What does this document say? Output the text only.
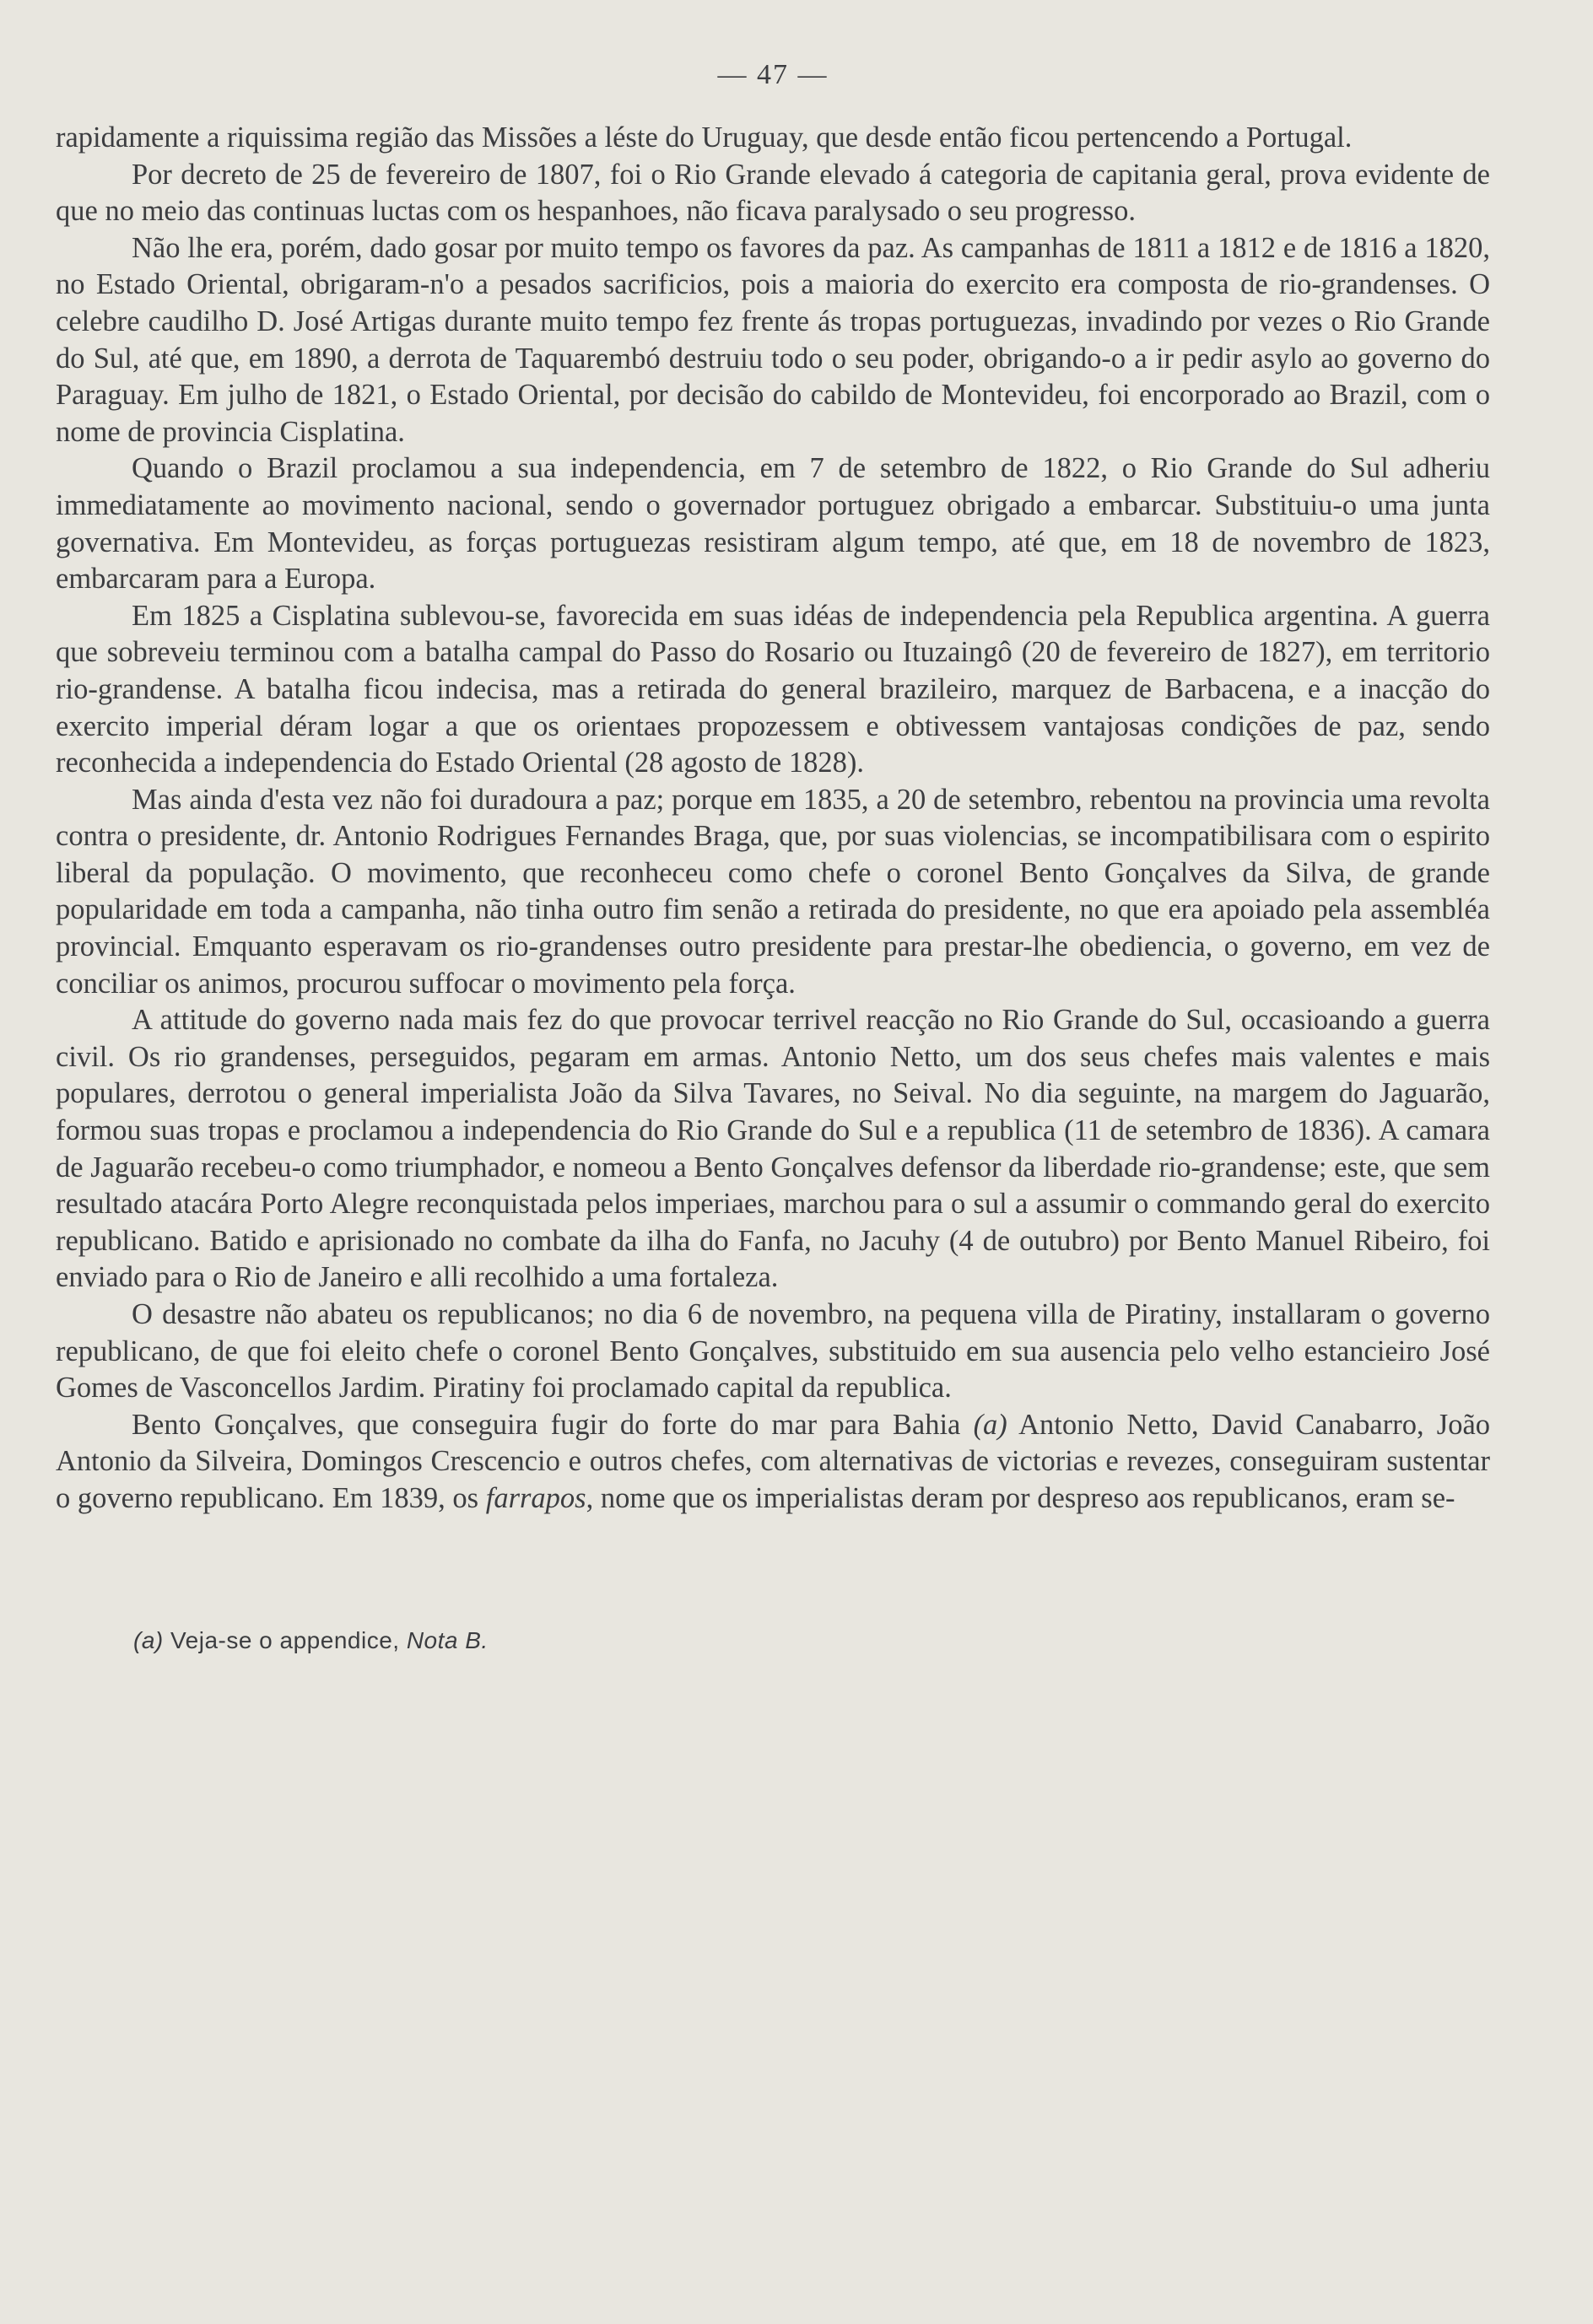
— 47 —

rapidamente a riquissima região das Missões a léste do Uruguay, que desde então ficou pertencendo a Portugal.

Por decreto de 25 de fevereiro de 1807, foi o Rio Grande elevado á categoria de capitania geral, prova evidente de que no meio das continuas luctas com os hespanhoes, não ficava paralysado o seu progresso.

Não lhe era, porém, dado gosar por muito tempo os favores da paz. As campanhas de 1811 a 1812 e de 1816 a 1820, no Estado Oriental, obrigaram-n'o a pesados sacrificios, pois a maioria do exercito era composta de rio-grandenses. O celebre caudilho D. José Artigas durante muito tempo fez frente ás tropas portuguezas, invadindo por vezes o Rio Grande do Sul, até que, em 1890, a derrota de Taquarembó destruiu todo o seu poder, obrigando-o a ir pedir asylo ao governo do Paraguay. Em julho de 1821, o Estado Oriental, por decisão do cabildo de Montevideu, foi encorporado ao Brazil, com o nome de provincia Cisplatina.

Quando o Brazil proclamou a sua independencia, em 7 de setembro de 1822, o Rio Grande do Sul adheriu immediatamente ao movimento nacional, sendo o governador portuguez obrigado a embarcar. Substituiu-o uma junta governativa. Em Montevideu, as forças portuguezas resistiram algum tempo, até que, em 18 de novembro de 1823, embarcaram para a Europa.

Em 1825 a Cisplatina sublevou-se, favorecida em suas idéas de independencia pela Republica argentina. A guerra que sobreveiu terminou com a batalha campal do Passo do Rosario ou Ituzaingô (20 de fevereiro de 1827), em territorio rio-grandense. A batalha ficou indecisa, mas a retirada do general brazileiro, marquez de Barbacena, e a inacção do exercito imperial déram logar a que os orientaes propozessem e obtivessem vantajosas condições de paz, sendo reconhecida a independencia do Estado Oriental (28 agosto de 1828).

Mas ainda d'esta vez não foi duradoura a paz; porque em 1835, a 20 de setembro, rebentou na provincia uma revolta contra o presidente, dr. Antonio Rodrigues Fernandes Braga, que, por suas violencias, se incompatibilisara com o espirito liberal da população. O movimento, que reconheceu como chefe o coronel Bento Gonçalves da Silva, de grande popularidade em toda a campanha, não tinha outro fim senão a retirada do presidente, no que era apoiado pela assembléa provincial. Emquanto esperavam os rio-grandenses outro presidente para prestar-lhe obediencia, o governo, em vez de conciliar os animos, procurou suffocar o movimento pela força.

A attitude do governo nada mais fez do que provocar terrivel reacção no Rio Grande do Sul, occasioando a guerra civil. Os rio grandenses, perseguidos, pegaram em armas. Antonio Netto, um dos seus chefes mais valentes e mais populares, derrotou o general imperialista João da Silva Tavares, no Seival. No dia seguinte, na margem do Jaguarão, formou suas tropas e proclamou a independencia do Rio Grande do Sul e a republica (11 de setembro de 1836). A camara de Jaguarão recebeu-o como triumphador, e nomeou a Bento Gonçalves defensor da liberdade rio-grandense; este, que sem resultado atacára Porto Alegre reconquistada pelos imperiaes, marchou para o sul a assumir o commando geral do exercito republicano. Batido e aprisionado no combate da ilha do Fanfa, no Jacuhy (4 de outubro) por Bento Manuel Ribeiro, foi enviado para o Rio de Janeiro e alli recolhido a uma fortaleza.

O desastre não abateu os republicanos; no dia 6 de novembro, na pequena villa de Piratiny, installaram o governo republicano, de que foi eleito chefe o coronel Bento Gonçalves, substituido em sua ausencia pelo velho estancieiro José Gomes de Vasconcellos Jardim. Piratiny foi proclamado capital da republica.

Bento Gonçalves, que conseguira fugir do forte do mar para Bahia (a) Antonio Netto, David Canabarro, João Antonio da Silveira, Domingos Crescencio e outros chefes, com alternativas de victorias e revezes, conseguiram sustentar o governo republicano. Em 1839, os farrapos, nome que os imperialistas deram por despreso aos republicanos, eram se-

(a) Veja-se o appendice, Nota B.
